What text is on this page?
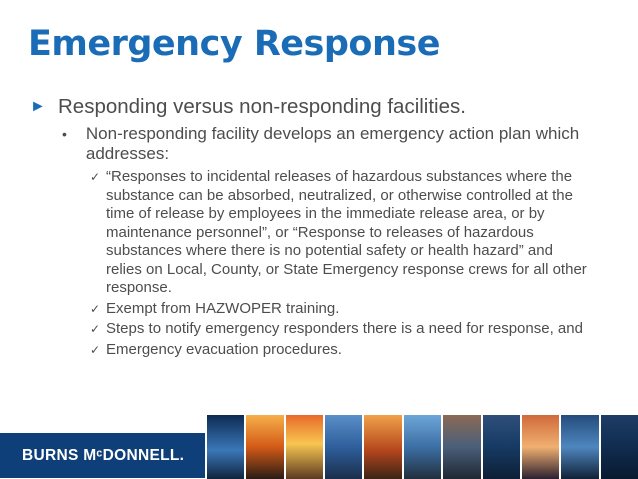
Emergency Response
► Responding versus non-responding facilities.
•	Non-responding facility develops an emergency action plan which addresses:
✓ “Responses to incidental releases of hazardous substances where the substance can be absorbed, neutralized, or otherwise controlled at the time of release by employees in the immediate release area, or by maintenance personnel”, or “Response to releases of hazardous substances where there is no potential safety or health hazard” and relies on Local, County, or State Emergency response crews for all other response.
✓ Exempt from HAZWOPER training.
✓ Steps to notify emergency responders there is a need for response, and
✓ Emergency evacuation procedures.
BURNS ⁠MᶜDONNELL.
